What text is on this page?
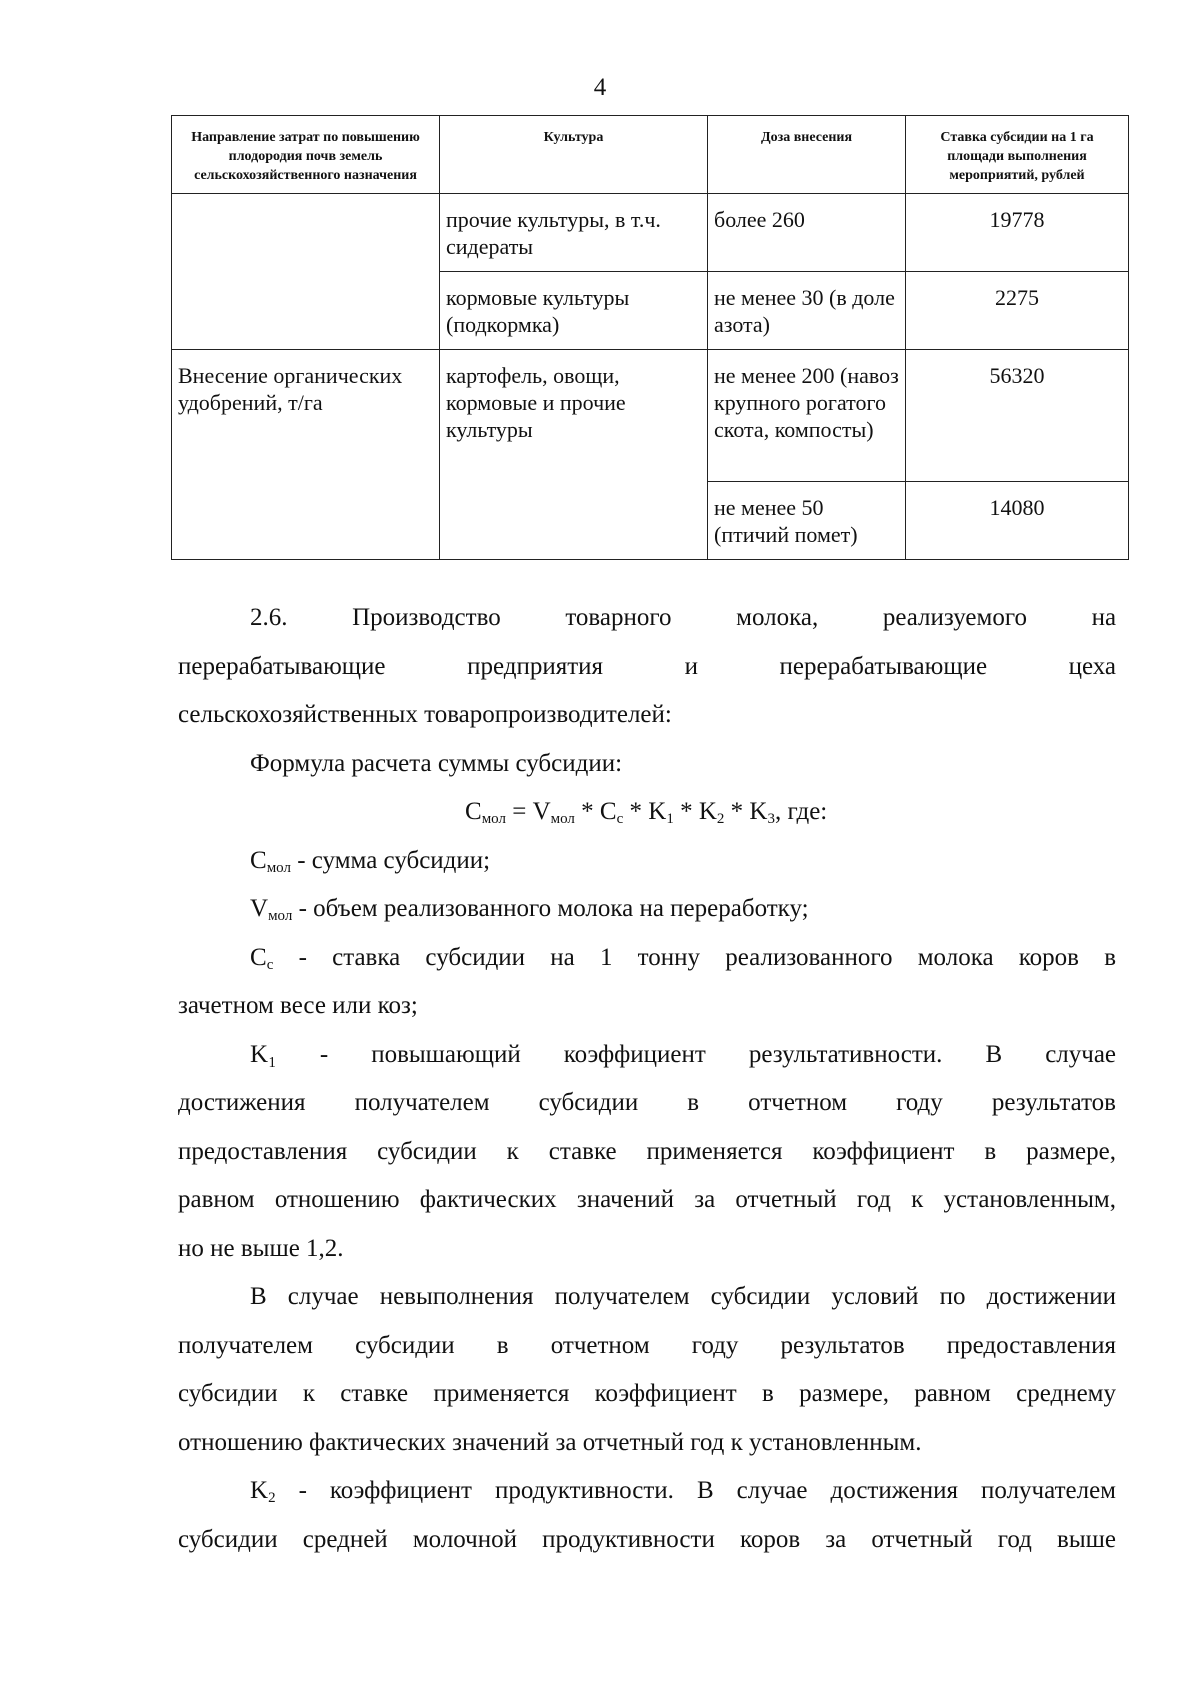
4
Направление затрат по повышению плодородия почв земель сельскохозяйственного назначения	Культура	Доза внесения	Ставка субсидии на 1 га площади выполнения мероприятий, рублей
	прочие культуры, в т.ч. сидераты	более 260	19778
	кормовые культуры (подкормка)	не менее 30 (в доле азота)	2275
Внесение органических удобрений, т/га	картофель, овощи, кормовые и прочие культуры	не менее 200 (навоз крупного рогатого скота, компосты)	56320
		не менее 50 (птичий помет)	14080

2.6.	Производство	товарного	молока,	реализуемого	на

перерабатывающие	предприятия	и	перерабатывающие	цеха

сельскохозяйственных товаропроизводителей:

Формула расчета суммы субсидии:

$C_{мол} = V_{мол} * C_с * K_1 * K_2 * K_3$, где:

$C_{мол}$ - сумма субсидии;

$V_{мол}$ - объем реализованного молока на переработку;

$C_с$ - ставка субсидии на 1 тонну реализованного молока коров в

зачетном весе или коз;

K₁ - повышающий коэффициент результативности. В случае

достижения получателем субсидии в отчетном году результатов

предоставления субсидии к ставке применяется коэффициент в размере,

равном отношению фактических значений за отчетный год к установленным,

но не выше 1,2.

В случае невыполнения получателем субсидии условий по достижении

получателем субсидии в отчетном году результатов предоставления

субсидии к ставке применяется коэффициент в размере, равном среднему

отношению фактических значений за отчетный год к установленным.

$K_2$ - коэффициент продуктивности. В случае достижения получателем

субсидии средней молочной продуктивности коров за отчетный год выше
